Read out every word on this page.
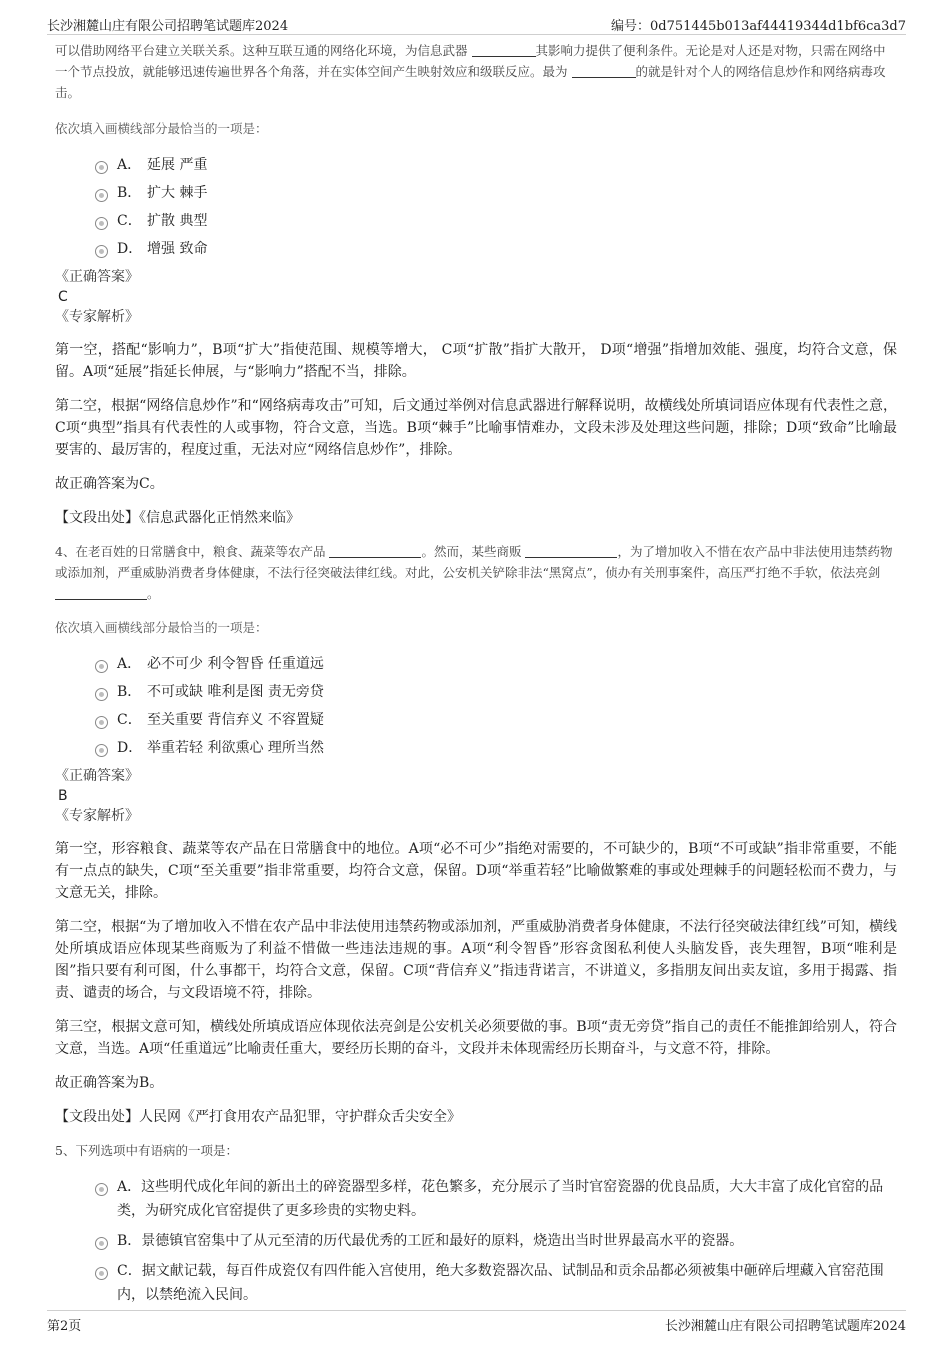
长沙湘麓山庄有限公司招聘笔试题库2024	编号：0d751445b013af44419344d1bf6ca3d7

可以借助网络平台建立关联关系。这种互联互通的网络化环境，为信息武器	其影响力提供了便利条件。无论是对人还是对物，只需在网络中一个节点投放，就能够迅速传遍世界各个角落，并在实体空间产生映射效应和级联反应。最为	的就是针对个人的网络信息炒作和网络病毒攻击。

依次填入画横线部分最恰当的一项是：

A． 延展 严重
B． 扩大 棘手
C． 扩散 典型
D． 增强 致命

《正确答案》

C

《专家解析》

第一空，搭配“影响力”，B项“扩大”指使范围、规模等增大， C项“扩散”指扩大散开， D项“增强”指增加效能、强度，均符合文意，保留。A项“延展”指延长伸展，与“影响力”搭配不当，排除。

第二空，根据“网络信息炒作”和“网络病毒攻击”可知，后文通过举例对信息武器进行解释说明，故横线处所填词语应体现有代表性之意，C项“典型”指具有代表性的人或事物，符合文意，当选。B项“棘手”比喻事情难办，文段未涉及处理这些问题，排除；D项“致命”比喻最要害的、最厉害的，程度过重，无法对应“网络信息炒作”，排除。

故正确答案为C。

【文段出处】《信息武器化正悄然来临》

4、在老百姓的日常膳食中，粮食、蔬菜等农产品	。然而，某些商贩	，为了增加收入不惜在农产品中非法使用违禁药物或添加剂，严重威胁消费者身体健康，不法行径突破法律红线。对此，公安机关铲除非法“黑窝点”，侦办有关刑事案件，高压严打绝不手软，依法亮剑 。

依次填入画横线部分最恰当的一项是：

A． 必不可少 利令智昏 任重道远
B． 不可或缺 唯利是图 责无旁贷
C． 至关重要 背信弃义 不容置疑
D． 举重若轻 利欲熏心 理所当然

《正确答案》

B

《专家解析》

第一空，形容粮食、蔬菜等农产品在日常膳食中的地位。A项“必不可少”指绝对需要的，不可缺少的，B项“不可或缺”指非常重要，不能有一点点的缺失，C项“至关重要”指非常重要，均符合文意，保留。D项“举重若轻”比喻做繁难的事或处理棘手的问题轻松而不费力，与文意无关，排除。

第二空，根据“为了增加收入不惜在农产品中非法使用违禁药物或添加剂，严重威胁消费者身体健康，不法行径突破法律红线”可知，横线处所填成语应体现某些商贩为了利益不惜做一些违法违规的事。A项“利令智昏”形容贪图私利使人头脑发昏，丧失理智，B项“唯利是图”指只要有利可图，什么事都干，均符合文意，保留。C项“背信弃义”指违背诺言，不讲道义，多指朋友间出卖友谊，多用于揭露、指责、谴责的场合，与文段语境不符，排除。

第三空，根据文意可知，横线处所填成语应体现依法亮剑是公安机关必须要做的事。B项“责无旁贷”指自己的责任不能推卸给别人，符合文意，当选。A项“任重道远”比喻责任重大，要经历长期的奋斗，文段并未体现需经历长期奋斗，与文意不符，排除。

故正确答案为B。

【文段出处】人民网《严打食用农产品犯罪，守护群众舌尖安全》

5、下列选项中有语病的一项是：

A．这些明代成化年间的新出土的碎瓷器型多样，花色繁多，充分展示了当时官窑瓷器的优良品质，大大丰富了成化官窑的品类，为研究成化官窑提供了更多珍贵的实物史料。
B．景德镇官窑集中了从元至清的历代最优秀的工匠和最好的原料，烧造出当时世界最高水平的瓷器。
C．据文献记载，每百件成瓷仅有四件能入宫使用，绝大多数瓷器次品、试制品和贡余品都必须被集中砸碎后埋藏入官窑范围内，以禁绝流入民间。
第2页	长沙湘麓山庄有限公司招聘笔试题库2024
